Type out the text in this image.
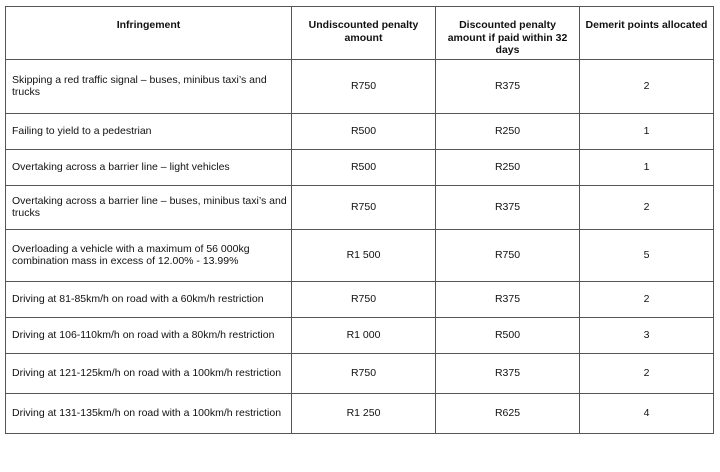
Infringement	Undiscounted penalty amount	Discounted penalty amount if paid within 32 days	Demerit points allocated
Skipping a red traffic signal – buses, minibus taxi’s and trucks	R750	R375	2
Failing to yield to a pedestrian	R500	R250	1
Overtaking across a barrier line – light vehicles	R500	R250	1
Overtaking across a barrier line – buses, minibus taxi’s and trucks	R750	R375	2
Overloading a vehicle with a maximum of 56 000kg combination mass in excess of 12.00% - 13.99%	R1 500	R750	5
Driving at 81-85km/h on road with a 60km/h restriction	R750	R375	2
Driving at 106-110km/h on road with a 80km/h restriction	R1 000	R500	3
Driving at 121-125km/h on road with a 100km/h restriction	R750	R375	2
Driving at 131-135km/h on road with a 100km/h restriction	R1 250	R625	4
